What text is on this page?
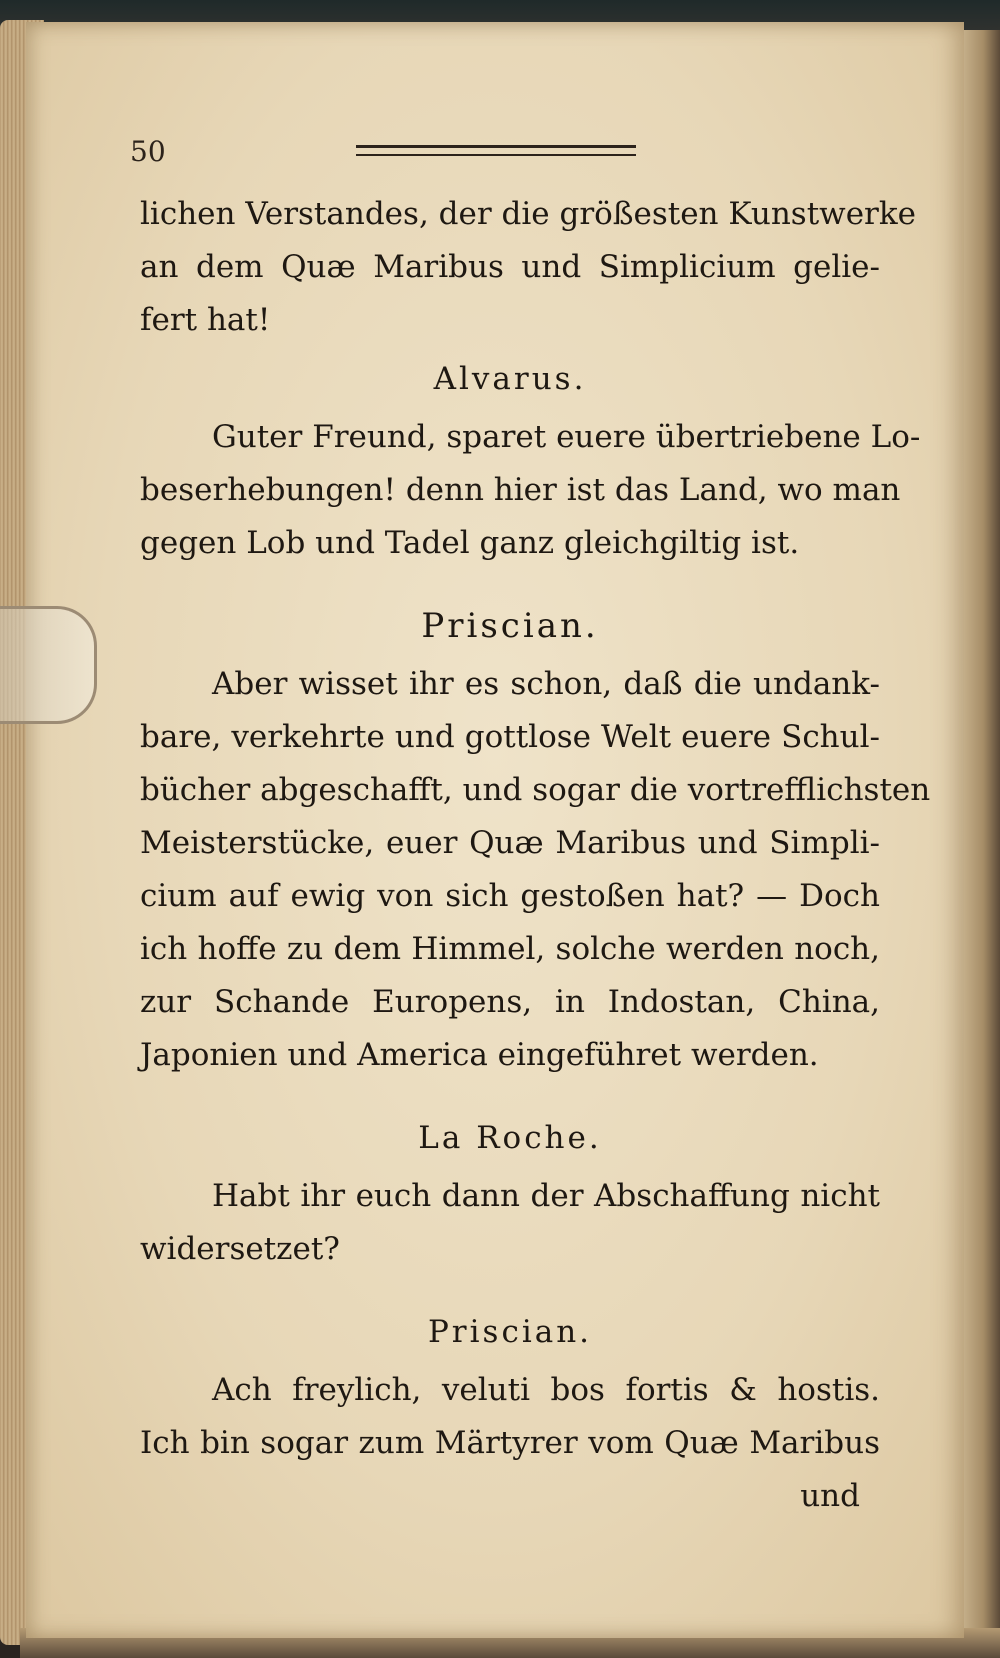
50
lichen Verstandes, der die größesten Kunstwerke
an dem Quæ Maribus und Simplicium gelie-
fert hat!
Alvarus.
Guter Freund, sparet euere übertriebene Lo-
beserhebungen! denn hier ist das Land, wo man
gegen Lob und Tadel ganz gleichgiltig ist.
Priscian.
Aber wisset ihr es schon, daß die undank-
bare, verkehrte und gottlose Welt euere Schul-
bücher abgeschafft, und sogar die vortrefflichsten
Meisterstücke, euer Quæ Maribus und Simpli-
cium auf ewig von sich gestoßen hat? — Doch
ich hoffe zu dem Himmel, solche werden noch,
zur Schande Europens, in Indostan, China,
Japonien und America eingeführet werden.
La Roche.
Habt ihr euch dann der Abschaffung nicht
widersetzet?
Priscian.
Ach freylich, veluti bos fortis & hostis.
Ich bin sogar zum Märtyrer vom Quæ Maribus
und
